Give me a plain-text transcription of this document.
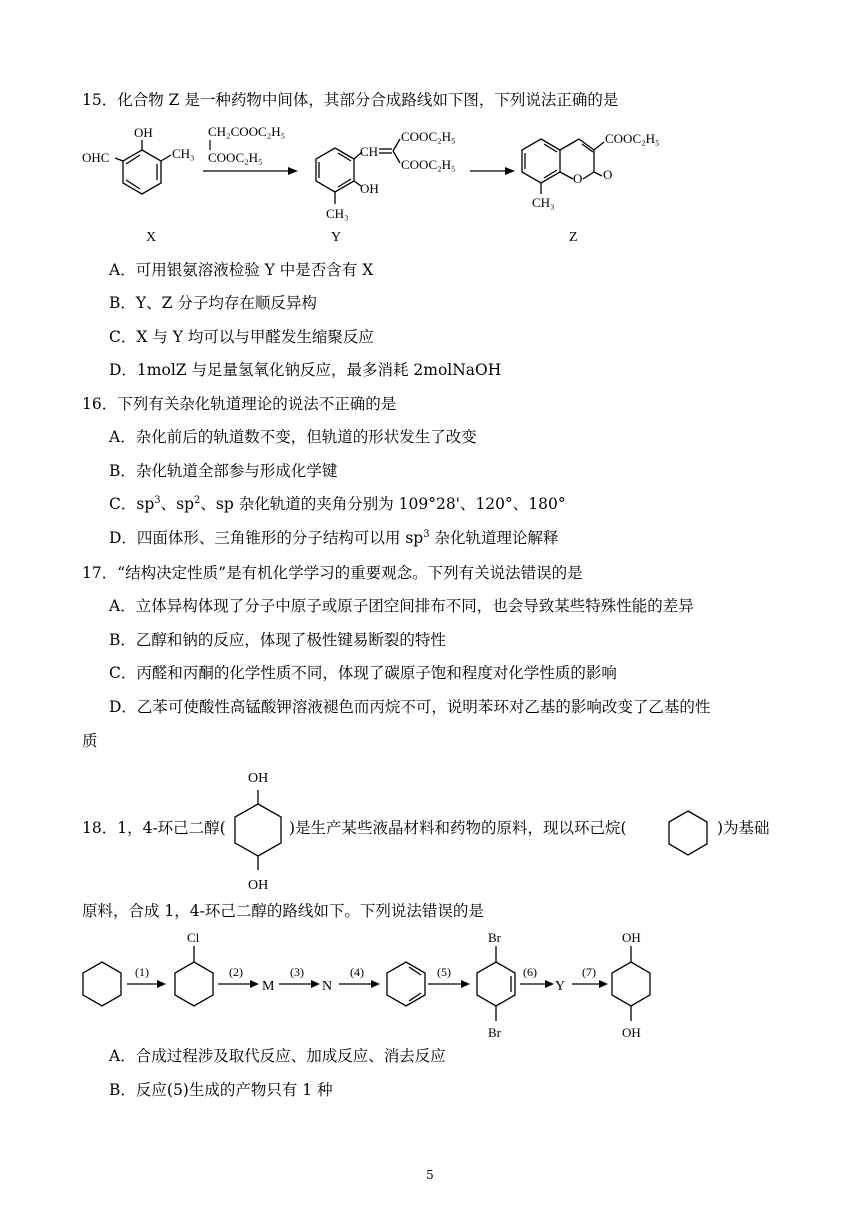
15．化合物 Z 是一种药物中间体，其部分合成路线如下图，下列说法正确的是
OHC
OH
CH₃
CH₂COOC₂H₅
COOC₂H₅	CH
COOC₂H₅
COOC₂H₅
OH
CH₃
COOC₂H₅
O O
CH₃
X	Y	Z
A．可用银氨溶液检验 Y 中是否含有 X
B．Y、Z 分子均存在顺反异构
C．X 与 Y 均可以与甲醛发生缩聚反应
D．1molZ 与足量氢氧化钠反应，最多消耗 2molNaOH
16．下列有关杂化轨道理论的说法不正确的是
A．杂化前后的轨道数不变，但轨道的形状发生了改变
B．杂化轨道全部参与形成化学键
C．$sp^3$、$sp^2$、sp 杂化轨道的夹角分别为 109°28'、120°、180°
D．四面体形、三角锥形的分子结构可以用 $sp^3$ 杂化轨道理论解释
17．“结构决定性质”是有机化学学习的重要观念。下列有关说法错误的是
A．立体异构体现了分子中原子或原子团空间排布不同，也会导致某些特殊性能的差异
B．乙醇和钠的反应，体现了极性键易断裂的特性
C．丙醛和丙酮的化学性质不同，体现了碳原子饱和程度对化学性质的影响
D．乙苯可使酸性高锰酸钾溶液褪色而丙烷不可，说明苯环对乙基的影响改变了乙基的性
质
OH
OH
18．1，4-环己二醇(	)是生产某些液晶材料和药物的原料，现以环己烷(	)为基础
原料，合成 1，4-环己二醇的路线如下。下列说法错误的是
(1)
Cl
(2)
M
(3)
N
(4)	(5)
Br
Br
(6)
Y
(7)
OH
OH
A．合成过程涉及取代反应、加成反应、消去反应
B．反应(5)生成的产物只有 1 种
5
